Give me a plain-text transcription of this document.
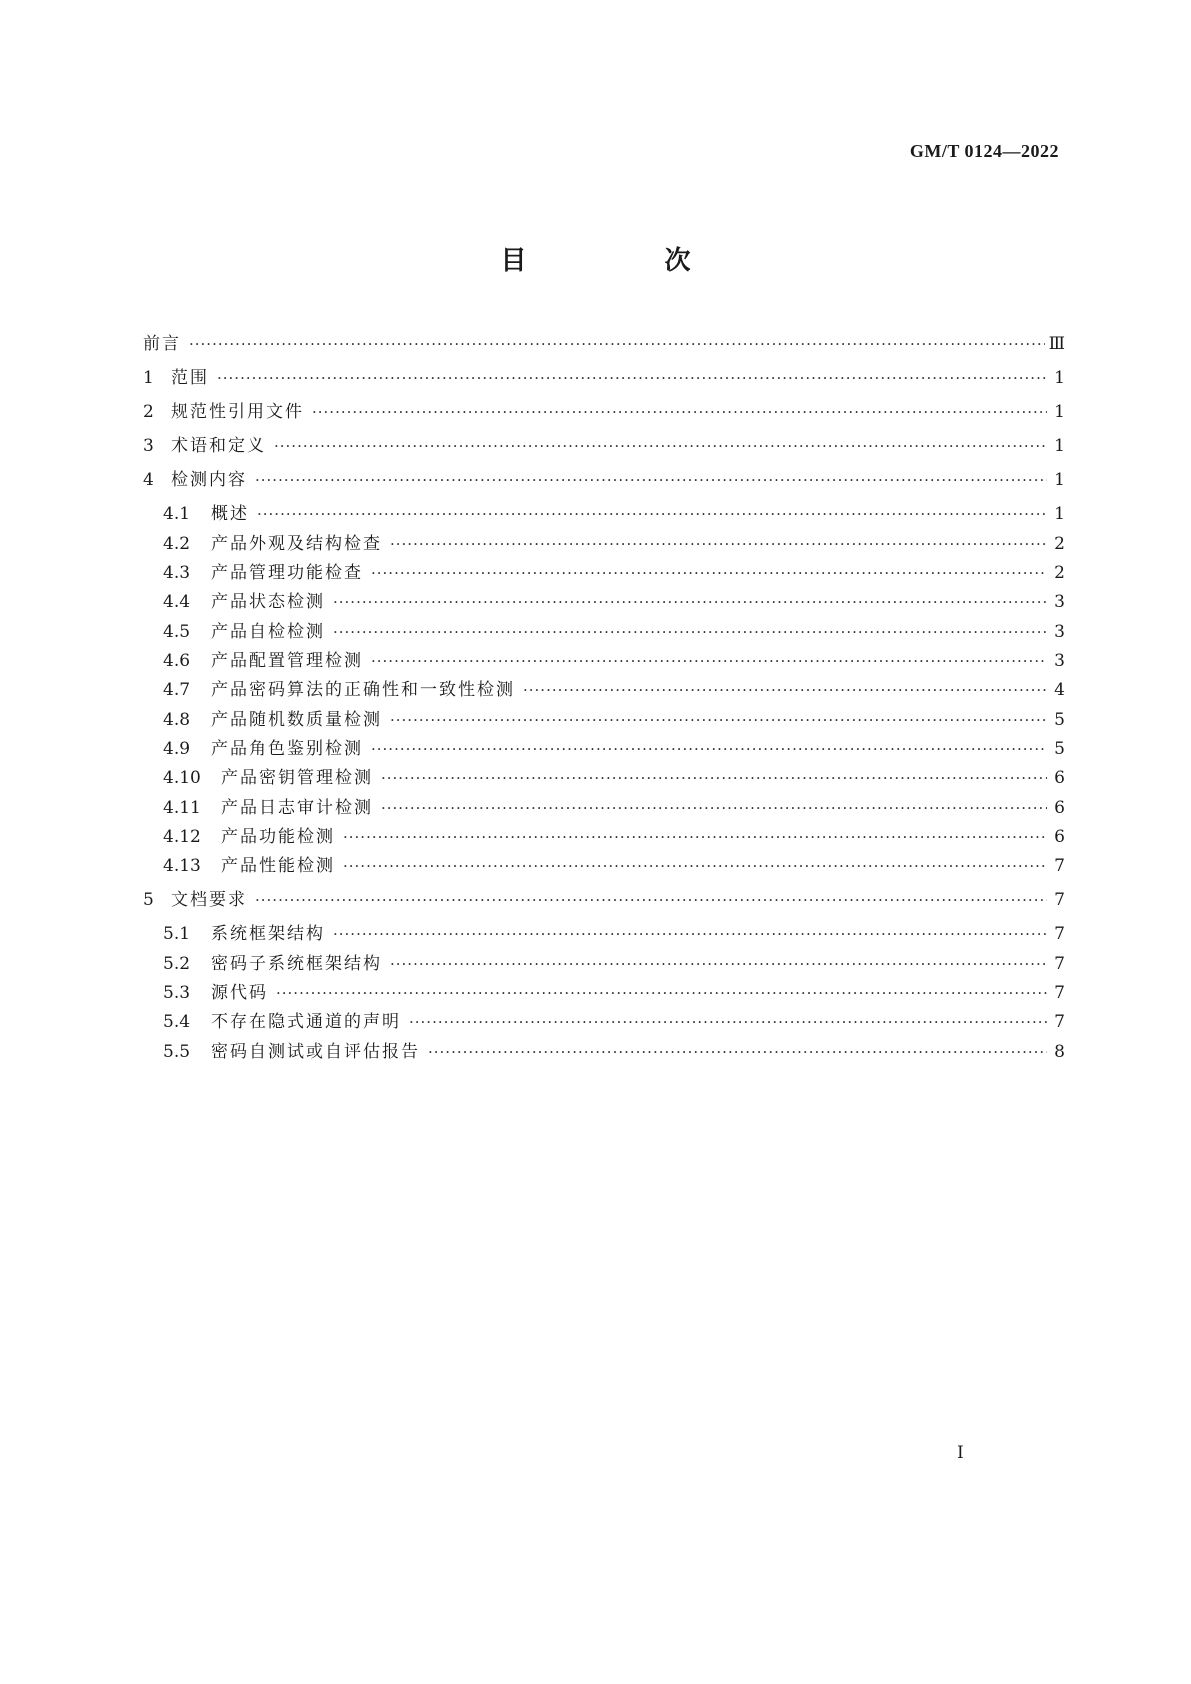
GM/T 0124—2022
目　次
前言 ·····	Ⅲ
1	范围 ·····	1
2	规范性引用文件 ·····	1
3	术语和定义 ·····	1
4	检测内容 ·····	1
4.1	概述 ·····	1
4.2	产品外观及结构检查 ·····	2
4.3	产品管理功能检查 ·····	2
4.4	产品状态检测 ·····	3
4.5	产品自检检测 ·····	3
4.6	产品配置管理检测 ·····	3
4.7	产品密码算法的正确性和一致性检测 ·····	4
4.8	产品随机数质量检测 ·····	5
4.9	产品角色鉴别检测 ·····	5
4.10	产品密钥管理检测 ·····	6
4.11	产品日志审计检测 ·····	6
4.12	产品功能检测 ·····	6
4.13	产品性能检测 ·····	7
5	文档要求 ·····	7
5.1	系统框架结构 ·····	7
5.2	密码子系统框架结构 ·····	7
5.3	源代码 ·····	7
5.4	不存在隐式通道的声明 ·····	7
5.5	密码自测试或自评估报告 ·····	8
I
